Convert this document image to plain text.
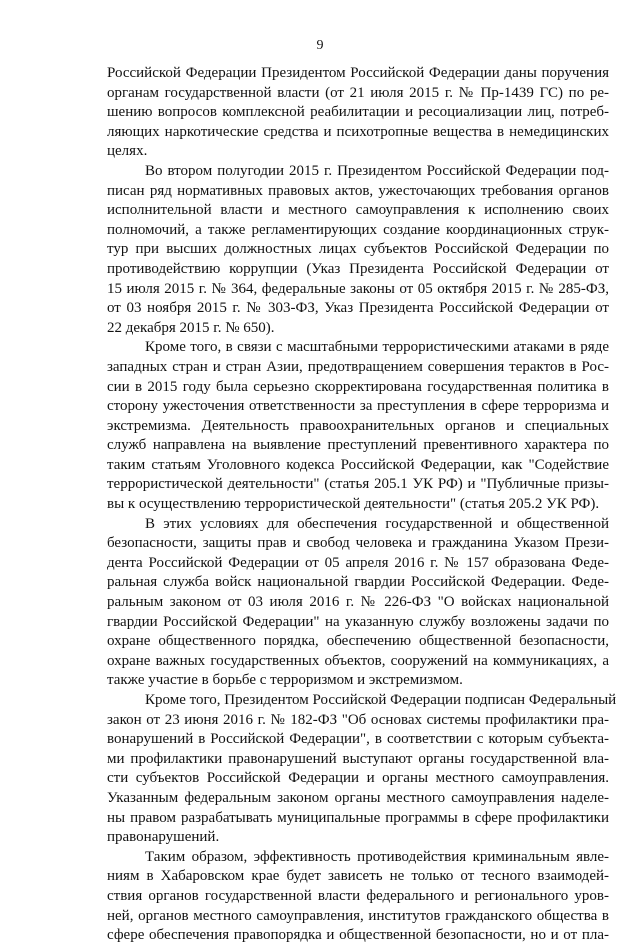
9
Российской Федерации Президентом Российской Федерации даны поручения
органам государственной власти (от 21 июля 2015 г. № Пр-1439 ГС) по ре-
шению вопросов комплексной реабилитации и ресоциализации лиц, потреб-
ляющих наркотические средства и психотропные вещества в немедицинских
целях.
Во втором полугодии 2015 г. Президентом Российской Федерации под-
писан ряд нормативных правовых актов, ужесточающих требования органов
исполнительной власти и местного самоуправления к исполнению своих
полномочий, а также регламентирующих создание координационных струк-
тур при высших должностных лицах субъектов Российской Федерации по
противодействию коррупции (Указ Президента Российской Федерации от
15 июля 2015 г. № 364, федеральные законы от 05 октября 2015 г. № 285-ФЗ,
от 03 ноября 2015 г. № 303-ФЗ, Указ Президента Российской Федерации от
22 декабря 2015 г. № 650).
Кроме того, в связи с масштабными террористическими атаками в ряде
западных стран и стран Азии, предотвращением совершения терактов в Рос-
сии в 2015 году была серьезно скорректирована государственная политика в
сторону ужесточения ответственности за преступления в сфере терроризма и
экстремизма. Деятельность правоохранительных органов и специальных
служб направлена на выявление преступлений превентивного характера по
таким статьям Уголовного кодекса Российской Федерации, как "Содействие
террористической деятельности" (статья 205.1 УК РФ) и "Публичные призы-
вы к осуществлению террористической деятельности" (статья 205.2 УК РФ).
В этих условиях для обеспечения государственной и общественной
безопасности, защиты прав и свобод человека и гражданина Указом Прези-
дента Российской Федерации от 05 апреля 2016 г. № 157 образована Феде-
ральная служба войск национальной гвардии Российской Федерации. Феде-
ральным законом от 03 июля 2016 г. № 226-ФЗ "О войсках национальной
гвардии Российской Федерации" на указанную службу возложены задачи по
охране общественного порядка, обеспечению общественной безопасности,
охране важных государственных объектов, сооружений на коммуникациях, а
также участие в борьбе с терроризмом и экстремизмом.
Кроме того, Президентом Российской Федерации подписан Федеральный
закон от 23 июня 2016 г. № 182-ФЗ "Об основах системы профилактики пра-
вонарушений в Российской Федерации", в соответствии с которым субъекта-
ми профилактики правонарушений выступают органы государственной вла-
сти субъектов Российской Федерации и органы местного самоуправления.
Указанным федеральным законом органы местного самоуправления наделе-
ны правом разрабатывать муниципальные программы в сфере профилактики
правонарушений.
Таким образом, эффективность противодействия криминальным явле-
ниям в Хабаровском крае будет зависеть не только от тесного взаимодей-
ствия органов государственной власти федерального и регионального уров-
ней, органов местного самоуправления, институтов гражданского общества в
сфере обеспечения правопорядка и общественной безопасности, но и от пла-
